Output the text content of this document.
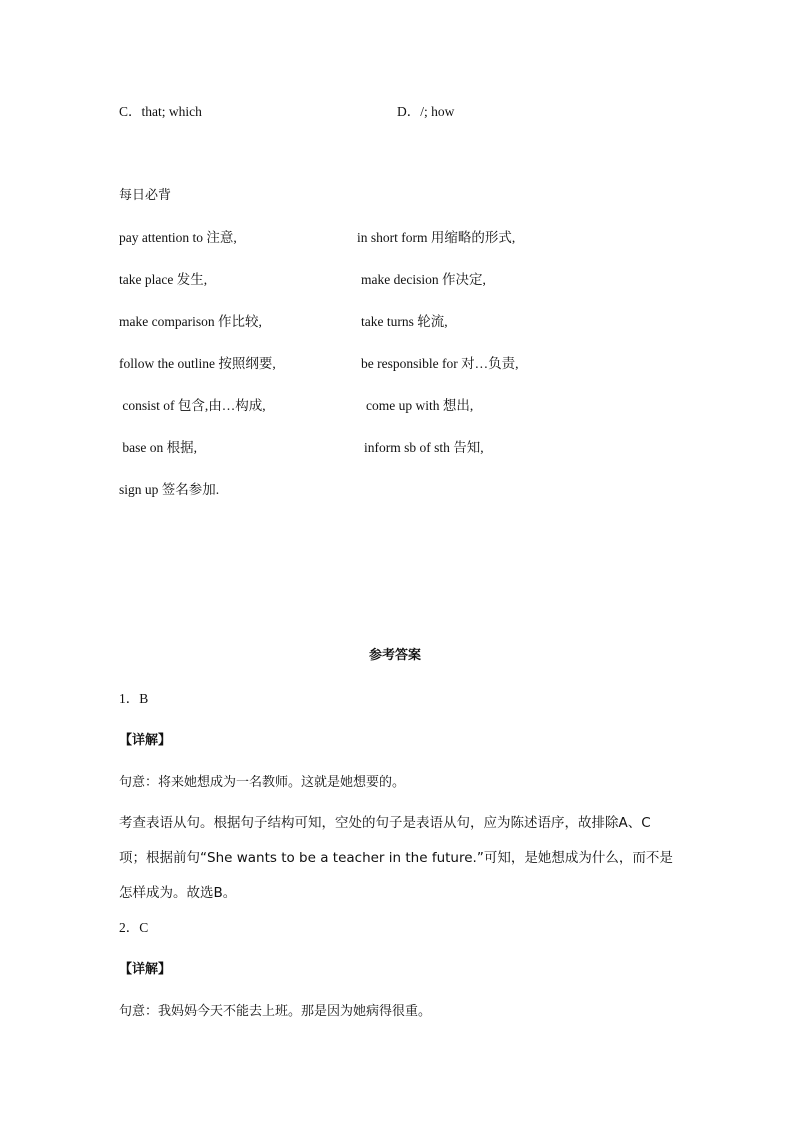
C．that; which	D．/; how
每日必背
pay attention to 注意,	in short form 用缩略的形式,
take place 发生,	make decision 作决定,
make comparison 作比较,	take turns 轮流,
follow the outline 按照纲要,	be responsible for 对…负责,
consist of 包含,由…构成,	come up with 想出,
base on 根据,	inform sb of sth 告知,
sign up 签名参加.
参考答案
1．B
【详解】
句意：将来她想成为一名教师。这就是她想要的。
考查表语从句。根据句子结构可知，空处的句子是表语从句，应为陈述语序，故排除A、C项；根据前句“She wants to be a teacher in the future.”可知，是她想成为什么，而不是怎样成为。故选B。
2．C
【详解】
句意：我妈妈今天不能去上班。那是因为她病得很重。
